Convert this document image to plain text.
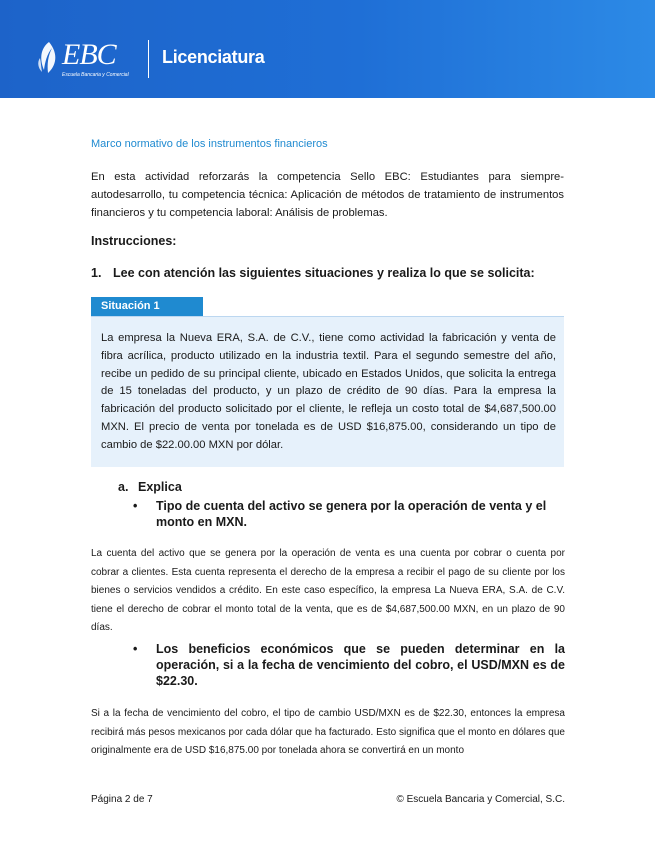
EBC
Escuela Bancaria y Comercial
Licenciatura
Marco normativo de los instrumentos financieros
En esta actividad reforzarás la competencia Sello EBC: Estudiantes para siempre-autodesarrollo, tu competencia técnica: Aplicación de métodos de tratamiento de instrumentos financieros y tu competencia laboral: Análisis de problemas.
Instrucciones:
1. Lee con atención las siguientes situaciones y realiza lo que se solicita:
Situación 1
La empresa la Nueva ERA, S.A. de C.V., tiene como actividad la fabricación y venta de fibra acrílica, producto utilizado en la industria textil. Para el segundo semestre del año, recibe un pedido de su principal cliente, ubicado en Estados Unidos, que solicita la entrega de 15 toneladas del producto, y un plazo de crédito de 90 días. Para la empresa la fabricación del producto solicitado por el cliente, le refleja un costo total de $4,687,500.00 MXN. El precio de venta por tonelada es de USD $16,875.00, considerando un tipo de cambio de $22.00.00 MXN por dólar.
a. Explica
• Tipo de cuenta del activo se genera por la operación de venta y el monto en MXN.
La cuenta del activo que se genera por la operación de venta es una cuenta por cobrar o cuenta por cobrar a clientes. Esta cuenta representa el derecho de la empresa a recibir el pago de su cliente por los bienes o servicios vendidos a crédito. En este caso específico, la empresa La Nueva ERA, S.A. de C.V. tiene el derecho de cobrar el monto total de la venta, que es de $4,687,500.00 MXN, en un plazo de 90 días.
• Los beneficios económicos que se pueden determinar en la operación, si a la fecha de vencimiento del cobro, el USD/MXN es de $22.30.
Si a la fecha de vencimiento del cobro, el tipo de cambio USD/MXN es de $22.30, entonces la empresa recibirá más pesos mexicanos por cada dólar que ha facturado. Esto significa que el monto en dólares que originalmente era de USD $16,875.00 por tonelada ahora se convertirá en un monto
Página 2 de 7	© Escuela Bancaria y Comercial, S.C.
